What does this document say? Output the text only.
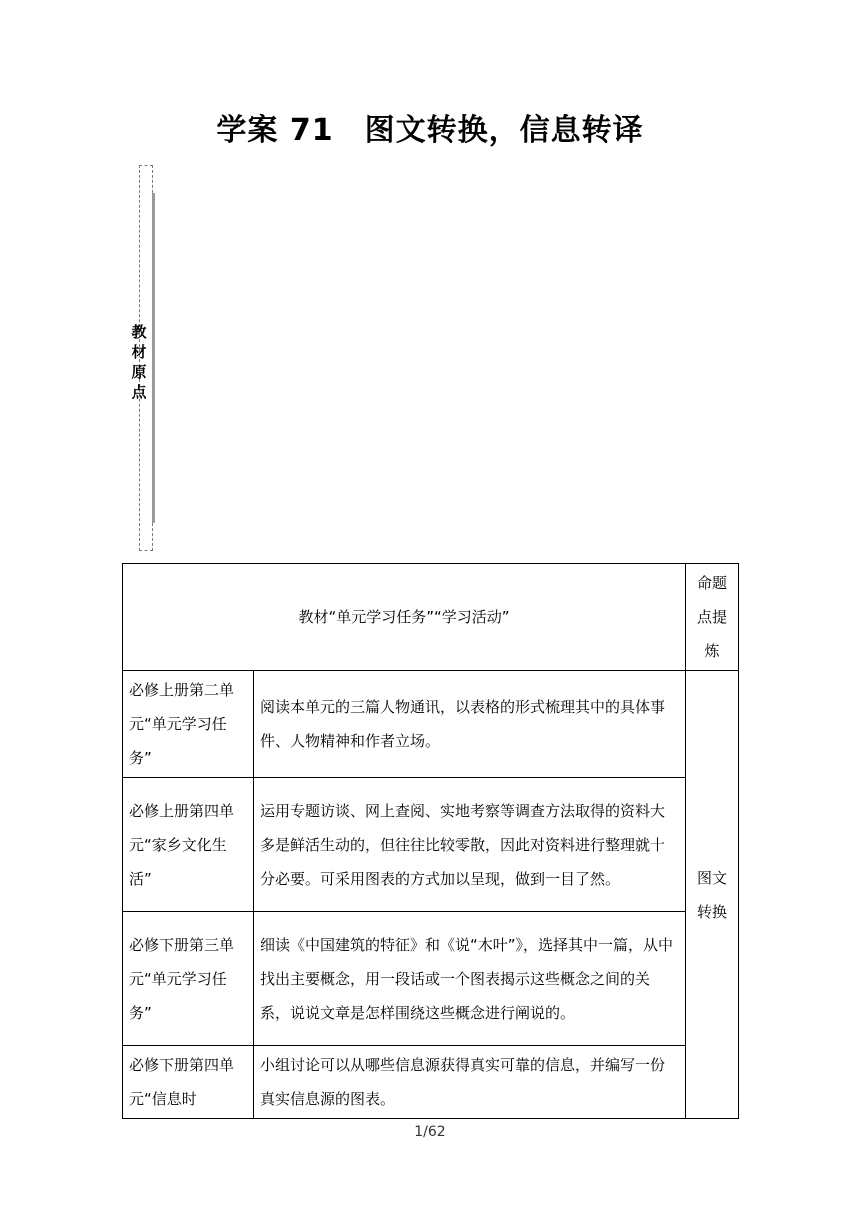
学案 71　图文转换，信息转译
教
材
原
点
教材“单元学习任务”“学习活动”		命题点提炼
必修上册第二单元“单元学习任务”	阅读本单元的三篇人物通讯，以表格的形式梳理其中的具体事件、人物精神和作者立场。	图文转换
必修上册第四单元“家乡文化生活”	运用专题访谈、网上查阅、实地考察等调查方法取得的资料大多是鲜活生动的，但往往比较零散，因此对资料进行整理就十分必要。可采用图表的方式加以呈现，做到一目了然。	
必修下册第三单元“单元学习任务”	细读《中国建筑的特征》和《说“木叶”》，选择其中一篇，从中找出主要概念，用一段话或一个图表揭示这些概念之间的关系，说说文章是怎样围绕这些概念进行阐说的。	
必修下册第四单元“信息时	小组讨论可以从哪些信息源获得真实可靠的信息，并编写一份真实信息源的图表。	
1/62
